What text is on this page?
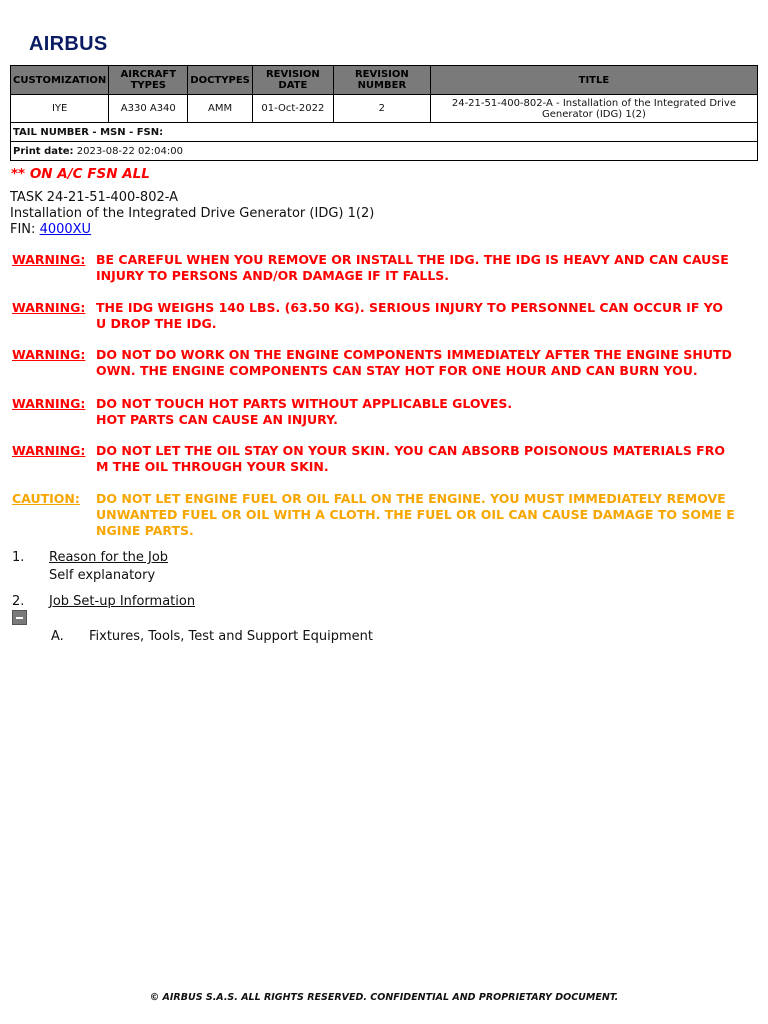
AIRBUS
CUSTOMIZATION	AIRCRAFT TYPES	DOCTYPES	REVISION DATE	REVISION NUMBER	TITLE
IYE	A330 A340	AMM	01-Oct-2022	2	24-21-51-400-802-A - Installation of the Integrated Drive Generator (IDG) 1(2)
TAIL NUMBER - MSN - FSN:					
Print date: 2023-08-22 02:04:00					
** ON A/C FSN ALL
TASK 24-21-51-400-802-A
Installation of the Integrated Drive Generator (IDG) 1(2)
FIN: 4000XU
WARNING: BE CAREFUL WHEN YOU REMOVE OR INSTALL THE IDG. THE IDG IS HEAVY AND CAN CAUSE
INJURY TO PERSONS AND/OR DAMAGE IF IT FALLS.
WARNING: THE IDG WEIGHS 140 LBS. (63.50 KG). SERIOUS INJURY TO PERSONNEL CAN OCCUR IF YO
U DROP THE IDG.
WARNING: DO NOT DO WORK ON THE ENGINE COMPONENTS IMMEDIATELY AFTER THE ENGINE SHUTD
OWN. THE ENGINE COMPONENTS CAN STAY HOT FOR ONE HOUR AND CAN BURN YOU.
WARNING: DO NOT TOUCH HOT PARTS WITHOUT APPLICABLE GLOVES.
HOT PARTS CAN CAUSE AN INJURY.
WARNING: DO NOT LET THE OIL STAY ON YOUR SKIN. YOU CAN ABSORB POISONOUS MATERIALS FRO
M THE OIL THROUGH YOUR SKIN.
CAUTION: DO NOT LET ENGINE FUEL OR OIL FALL ON THE ENGINE. YOU MUST IMMEDIATELY REMOVE
UNWANTED FUEL OR OIL WITH A CLOTH. THE FUEL OR OIL CAN CAUSE DAMAGE TO SOME E
NGINE PARTS.
1. Reason for the Job
Self explanatory
2. Job Set-up Information
A. Fixtures, Tools, Test and Support Equipment
© AIRBUS S.A.S. ALL RIGHTS RESERVED. CONFIDENTIAL AND PROPRIETARY DOCUMENT.
